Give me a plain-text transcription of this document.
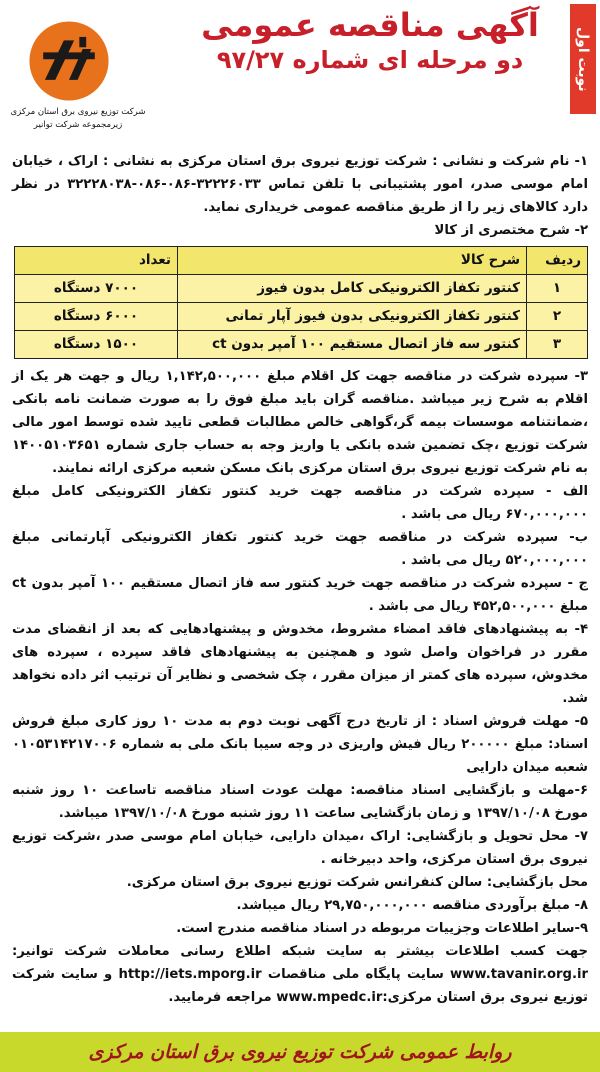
نوبت اول
آگهی مناقصه عمومی
دو مرحله ای شماره ۹۷/۲۷
شرکت توزیع نیروی برق استان مرکزی
زیرمجموعه شرکت توانیر

۱- نام شرکت و نشانی : شرکت توزیع نیروی برق استان مرکزی به نشانی : اراک ، خیابان امام موسی صدر، امور پشتیبانی با تلفن تماس ۳۲۲۲۶۰۳۳-۰۸۶-۰۸۶-۳۲۲۲۸۰۳۸ در نظر دارد کالاهای زیر را از طریق مناقصه عمومی خریداری نماید.

۲- شرح مختصری از کالا

ردیف	شرح کالا	تعداد
۱	کنتور تکفاز الکترونیکی کامل بدون فیوز	۷۰۰۰ دستگاه
۲	کنتور تکفاز الکترونیکی بدون فیوز آپار تمانی	۶۰۰۰ دستگاه
۳	کنتور سه فاز اتصال مستقیم ۱۰۰ آمپر بدون ct	۱۵۰۰ دستگاه

۳- سپرده شرکت در مناقصه جهت کل اقلام مبلغ ۱,۱۴۲,۵۰۰,۰۰۰ ریال و جهت هر یک از اقلام به شرح زیر میباشد .مناقصه گران باید مبلغ فوق را به صورت ضمانت نامه بانکی ،ضمانتنامه موسسات بیمه گر،گواهی خالص مطالبات قطعی تایید شده توسط امور مالی شرکت توزیع ،چک تضمین شده بانکی یا واریز وجه به حساب جاری شماره ۱۴۰۰۵۱۰۳۶۵۱ به نام شرکت توزیع نیروی برق استان مرکزی بانک مسکن شعبه مرکزی ارائه نمایند.

الف - سپرده شرکت در مناقصه جهت خرید کنتور تکفاز الکترونیکی کامل مبلغ ۶۷۰,۰۰۰,۰۰۰ ریال می باشد .

ب- سپرده شرکت در مناقصه جهت خرید کنتور تکفاز الکترونیکی آپارتمانی مبلغ ۵۲۰,۰۰۰,۰۰۰ ریال می باشد .

ج - سپرده شرکت در مناقصه جهت خرید کنتور سه فاز اتصال مستقیم ۱۰۰ آمپر بدون ct مبلغ ۴۵۲,۵۰۰,۰۰۰ ریال می باشد .

۴- به پیشنهادهای فاقد امضاء مشروط، مخدوش و پیشنهادهایی که بعد از انقضای مدت مقرر در فراخوان واصل شود و همچنین به پیشنهادهای فاقد سپرده ، سپرده های مخدوش، سپرده های کمتر از میزان مقرر ، چک شخصی و نظایر آن ترتیب اثر داده نخواهد شد.

۵- مهلت فروش اسناد : از تاریخ درج آگهی نوبت دوم به مدت ۱۰ روز کاری مبلغ فروش اسناد: مبلغ ۲۰۰۰۰۰ ریال فیش واریزی در وجه سیبا بانک ملی به شماره ۰۱۰۵۳۱۴۲۱۷۰۰۶ شعبه میدان دارایی

۶-مهلت و بازگشایی اسناد مناقصه: مهلت عودت اسناد مناقصه تاساعت ۱۰ روز شنبه مورخ ۱۳۹۷/۱۰/۰۸ و زمان بازگشایی ساعت ۱۱ روز شنبه مورخ ۱۳۹۷/۱۰/۰۸ میباشد.

۷- محل تحویل و بازگشایی: اراک ،میدان دارایی، خیابان امام موسی صدر ،شرکت توزیع نیروی برق استان مرکزی، واحد دبیرخانه .

محل بازگشایی: سالن کنفرانس شرکت توزیع نیروی برق استان مرکزی.

۸- مبلغ برآوردی مناقصه ۲۹,۷۵۰,۰۰۰,۰۰۰ ریال میباشد.

۹-سایر اطلاعات وجزییات مربوطه در اسناد مناقصه مندرج است.

جهت کسب اطلاعات بیشتر به سایت شبکه اطلاع رسانی معاملات شرکت توانیر: www.tavanir.org.ir سایت پایگاه ملی مناقصات http://iets.mporg.ir و سایت شرکت توزیع نیروی برق استان مرکزی:www.mpedc.ir مراجعه فرمایید.

روابط عمومی شرکت توزیع نیروی برق استان مرکزی
